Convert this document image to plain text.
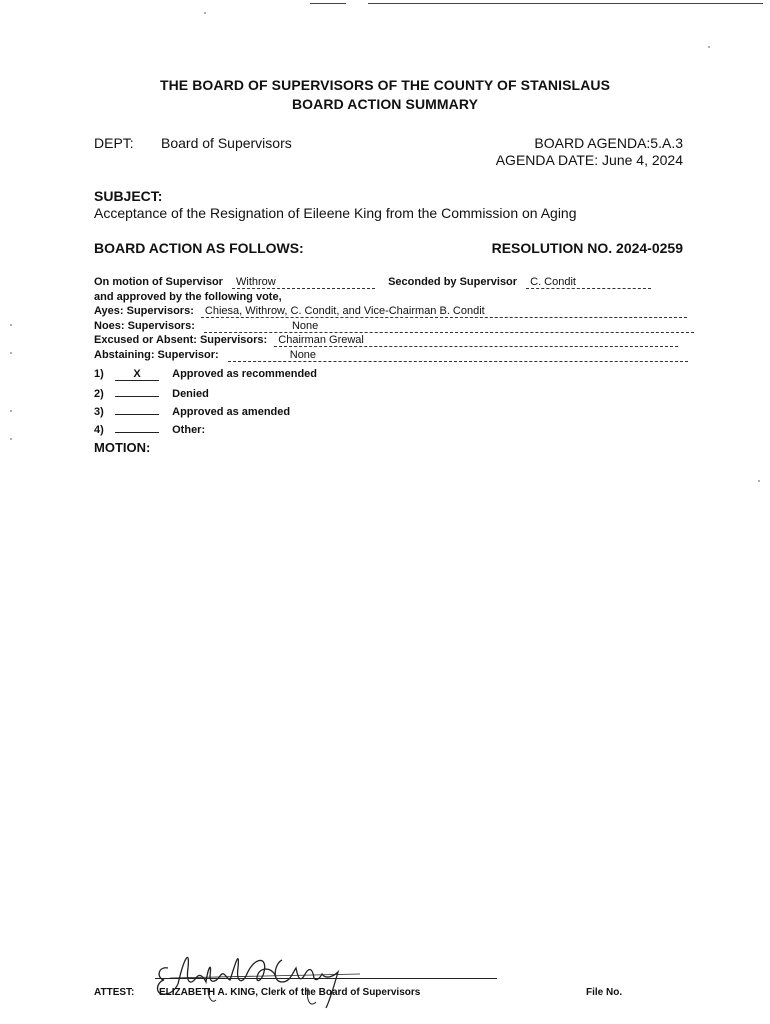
THE BOARD OF SUPERVISORS OF THE COUNTY OF STANISLAUS
BOARD ACTION SUMMARY
DEPT: Board of Supervisors	BOARD AGENDA:5.A.3
AGENDA DATE: June 4, 2024
SUBJECT:
Acceptance of the Resignation of Eileene King from the Commission on Aging
BOARD ACTION AS FOLLOWS:	RESOLUTION NO. 2024-0259
On motion of Supervisor Withrow	Seconded by Supervisor C. Condit
and approved by the following vote,
Ayes: Supervisors: Chiesa, Withrow, C. Condit, and Vice-Chairman B. Condit
Noes: Supervisors:	None
Excused or Absent: Supervisors: Chairman Grewal
Abstaining: Supervisor:	None
1)	X	Approved as recommended
2)	Denied
3)	Approved as amended
4)	Other:
MOTION:
ATTEST: ELIZABETH A. KING, Clerk of the Board of Supervisors	File No.
